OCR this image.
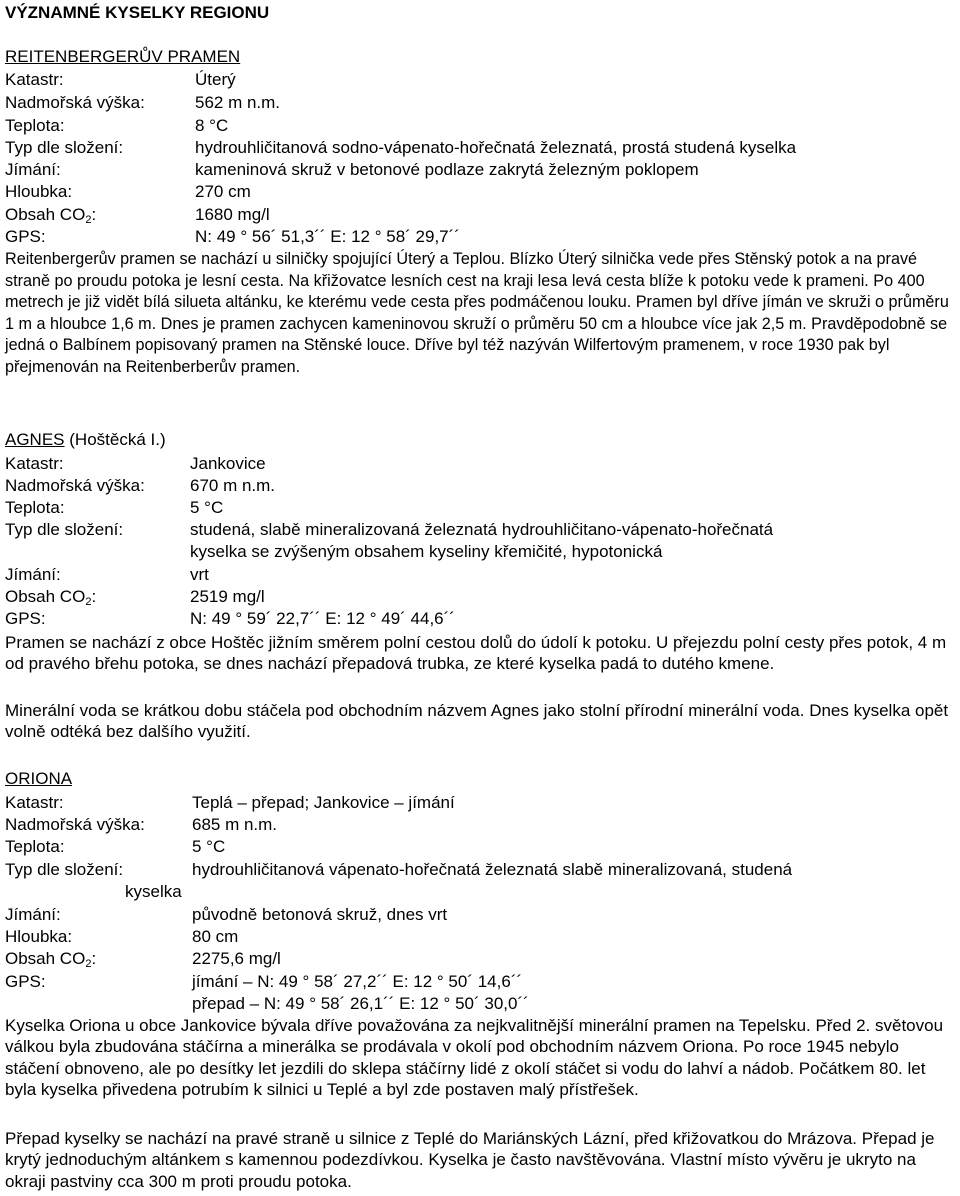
VÝZNAMNÉ KYSELKY REGIONU
REITENBERGERŮV PRAMEN
Katastr:	Úterý
Nadmořská výška:	562 m n.m.
Teplota:	8 °C
Typ dle složení:	hydrouhličitanová sodno-vápenato-hořečnatá železnatá, prostá studená kyselka
Jímání:	kameninová skruž v betonové podlaze zakrytá železným poklopem
Hloubka:	270 cm
Obsah $CO_2$:	1680 mg/l
GPS:	N: 49 ° 56´ 51,3´´ E: 12 ° 58´ 29,7´´
Reitenbergerův pramen se nachází u silničky spojující Úterý a Teplou. Blízko Úterý silnička vede přes Stěnský potok a na pravé straně po proudu potoka je lesní cesta. Na křižovatce lesních cest na kraji lesa levá cesta blíže k potoku vede k prameni. Po 400 metrech je již vidět bílá silueta altánku, ke kterému vede cesta přes podmáčenou louku. Pramen byl dříve jímán ve skruži o průměru 1 m a hloubce 1,6 m. Dnes je pramen zachycen kameninovou skruží o průměru 50 cm a hloubce více jak 2,5 m. Pravděpodobně se jedná o Balbínem popisovaný pramen na Stěnské louce. Dříve byl též nazýván Wilfertovým pramenem, v roce 1930 pak byl přejmenován na Reitenberberův pramen.
AGNES (Hoštěcká I.)
Katastr:	Jankovice
Nadmořská výška:	670 m n.m.
Teplota:	5 °C
Typ dle složení:	studená, slabě mineralizovaná železnatá hydrouhličitano-vápenato-hořečnatá
kyselka se zvýšeným obsahem kyseliny křemičité, hypotonická
Jímání:	vrt
Obsah $CO_2$:	2519 mg/l
GPS:	N: 49 ° 59´ 22,7´´ E: 12 ° 49´ 44,6´´
Pramen se nachází z obce Hoštěc jižním směrem polní cestou dolů do údolí k potoku. U přejezdu polní cesty přes potok, 4 m od pravého břehu potoka, se dnes nachází přepadová trubka, ze které kyselka padá to dutého kmene.
Minerální voda se krátkou dobu stáčela pod obchodním názvem Agnes jako stolní přírodní minerální voda. Dnes kyselka opět volně odtéká bez dalšího využití.
ORIONA
Katastr:	Teplá – přepad; Jankovice – jímání
Nadmořská výška:	685 m n.m.
Teplota:	5 °C
Typ dle složení:	hydrouhličitanová vápenato-hořečnatá železnatá slabě mineralizovaná, studená
kyselka
Jímání:	původně betonová skruž, dnes vrt
Hloubka:	80 cm
Obsah $CO_2$:	2275,6 mg/l
GPS:	jímání – N: 49 ° 58´ 27,2´´ E: 12 ° 50´ 14,6´´
přepad – N: 49 ° 58´ 26,1´´ E: 12 ° 50´ 30,0´´
Kyselka Oriona u obce Jankovice bývala dříve považována za nejkvalitnější minerální pramen na Tepelsku. Před 2. světovou válkou byla zbudována stáčírna a minerálka se prodávala v okolí pod obchodním názvem Oriona. Po roce 1945 nebylo stáčení obnoveno, ale po desítky let jezdili do sklepa stáčírny lidé z okolí stáčet si vodu do lahví a nádob. Počátkem 80. let byla kyselka přivedena potrubím k silnici u Teplé a byl zde postaven malý přístřešek.
Přepad kyselky se nachází na pravé straně u silnice z Teplé do Mariánských Lázní, před křižovatkou do Mrázova. Přepad je krytý jednoduchým altánkem s kamennou podezdívkou. Kyselka je často navštěvována. Vlastní místo vývěru je ukryto na okraji pastviny cca 300 m proti proudu potoka.
